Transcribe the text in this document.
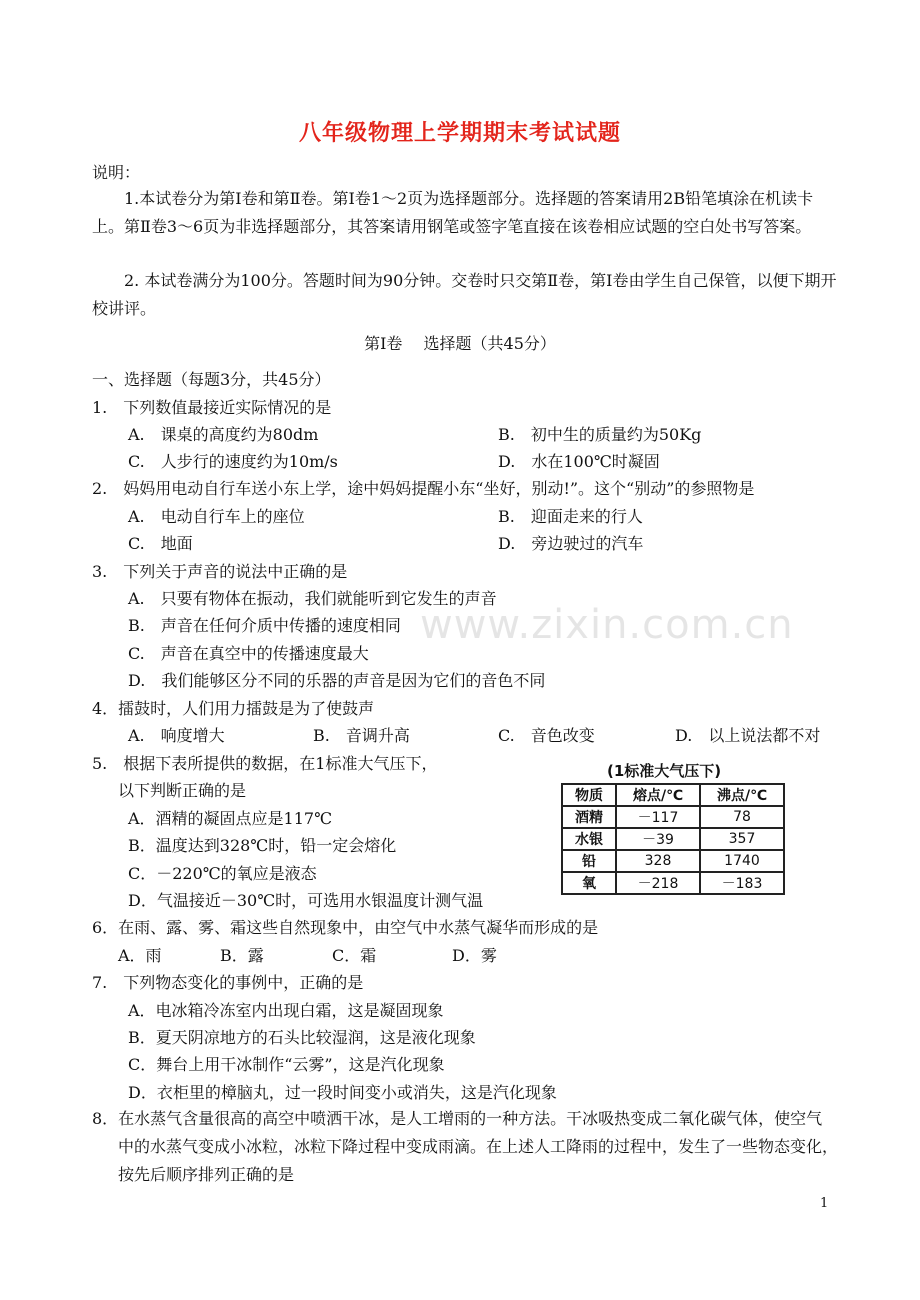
八年级物理上学期期末考试试题
说明：
1.本试卷分为第Ⅰ卷和第Ⅱ卷。第Ⅰ卷1～2页为选择题部分。选择题的答案请用2B铅笔填涂在机读卡上。第Ⅱ卷3～6页为非选择题部分，其答案请用钢笔或签字笔直接在该卷相应试题的空白处书写答案。
2. 本试卷满分为100分。答题时间为90分钟。交卷时只交第Ⅱ卷，第Ⅰ卷由学生自己保管，以便下期开校讲评。
第Ⅰ卷　 选择题（共45分）
一、选择题（每题3分，共45分）
1.　下列数值最接近实际情况的是
A.　课桌的高度约为80dm	B.　初中生的质量约为50Kg
C.　人步行的速度约为10m/s	D.　水在100℃时凝固
2.　妈妈用电动自行车送小东上学，途中妈妈提醒小东“坐好，别动!”。这个“别动”的参照物是
A.　电动自行车上的座位	B.　迎面走来的行人
C.　地面	D.　旁边驶过的汽车
3.　下列关于声音的说法中正确的是
A.　只要有物体在振动，我们就能听到它发生的声音
B.　声音在任何介质中传播的速度相同
C.　声音在真空中的传播速度最大
D.　我们能够区分不同的乐器的声音是因为它们的音色不同
4．擂鼓时，人们用力擂鼓是为了使鼓声
A.　响度增大	B.　音调升高	C.　音色改变	D.　以上说法都不对
5.　根据下表所提供的数据，在1标准大气压下，
以下判断正确的是
A．酒精的凝固点应是117℃
B．温度达到328℃时，铅一定会熔化
C．－220℃的氧应是液态
D．气温接近－30℃时，可选用水银温度计测气温
(1标准大气压下)
物质	熔点/℃	沸点/℃
酒精	－117	78
水银	－39	357
铅	328	1740
氧	－218	－183
6．在雨、露、雾、霜这些自然现象中，由空气中水蒸气凝华而形成的是
A．雨	B．露	C．霜	D．雾
7.　下列物态变化的事例中，正确的是
A．电冰箱冷冻室内出现白霜，这是凝固现象
B．夏天阴凉地方的石头比较湿润，这是液化现象
C．舞台上用干冰制作“云雾”，这是汽化现象
D．衣柜里的樟脑丸，过一段时间变小或消失，这是汽化现象
8．在水蒸气含量很高的高空中喷洒干冰，是人工增雨的一种方法。干冰吸热变成二氧化碳气体，使空气中的水蒸气变成小冰粒，冰粒下降过程中变成雨滴。在上述人工降雨的过程中，发生了一些物态变化，按先后顺序排列正确的是
www.zixin.com.cn
1
